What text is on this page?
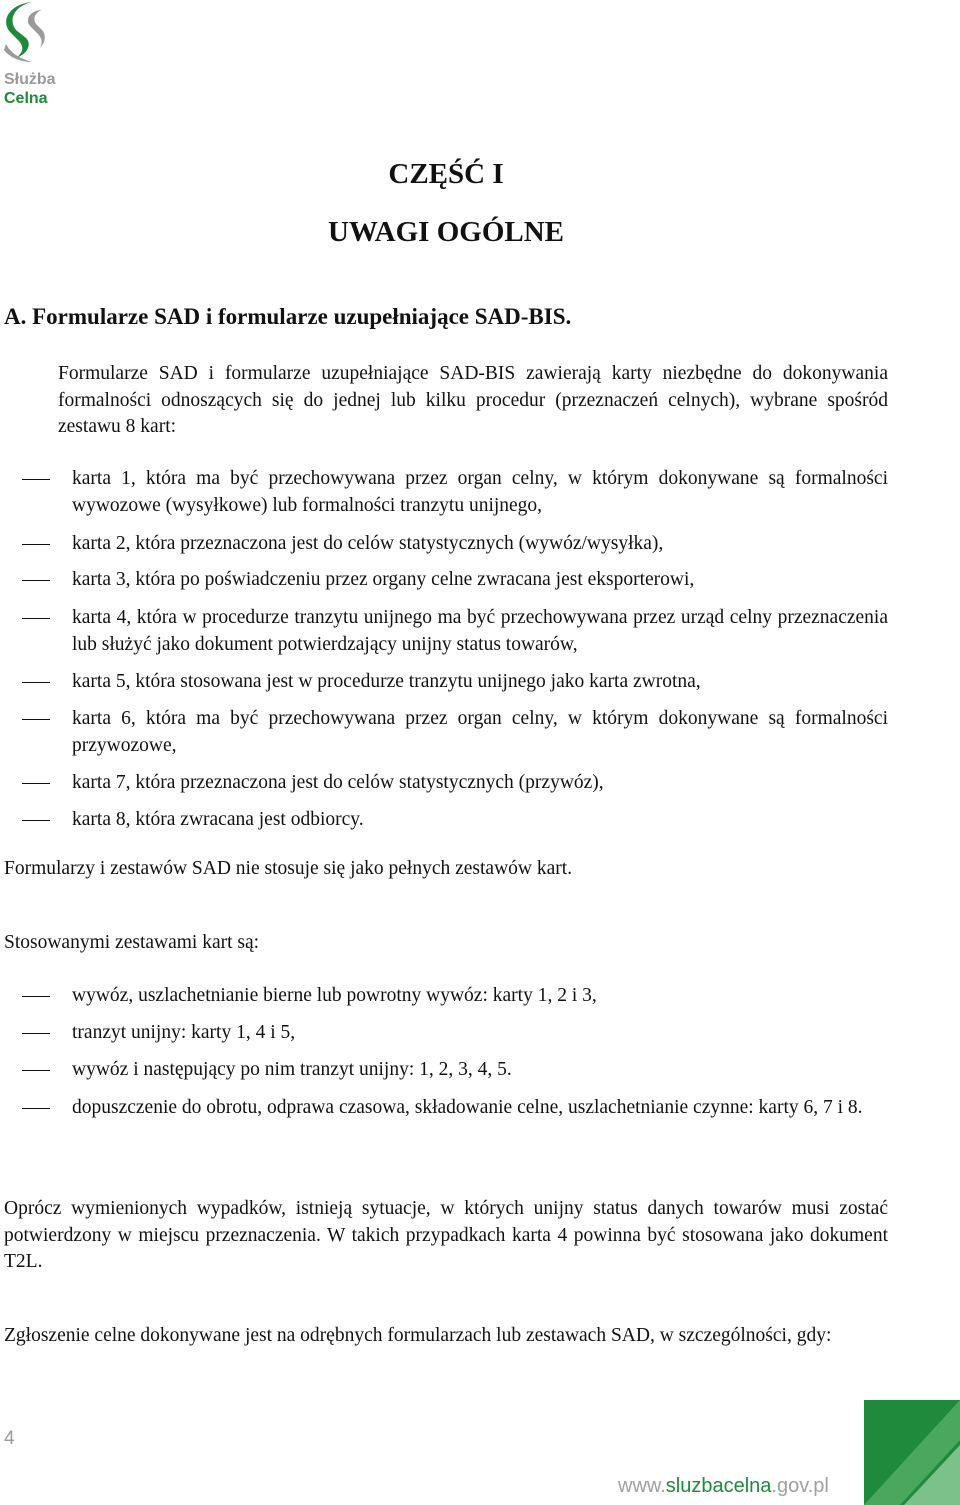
Służba
Celna
CZĘŚĆ I
UWAGI OGÓLNE
A. Formularze SAD i formularze uzupełniające SAD-BIS.

Formularze SAD i formularze uzupełniające SAD-BIS zawierają karty niezbędne do dokonywania formalności odnoszących się do jednej lub kilku procedur (przeznaczeń celnych), wybrane spośród zestawu 8 kart:

karta 1, która ma być przechowywana przez organ celny, w którym dokonywane są formalności wywozowe (wysyłkowe) lub formalności tranzytu unijnego,

karta 2, która przeznaczona jest do celów statystycznych (wywóz/wysyłka),

karta 3, która po poświadczeniu przez organy celne zwracana jest eksporterowi,

karta 4, która w procedurze tranzytu unijnego ma być przechowywana przez urząd celny przeznaczenia lub służyć jako dokument potwierdzający unijny status towarów,

karta 5, która stosowana jest w procedurze tranzytu unijnego jako karta zwrotna,

karta 6, która ma być przechowywana przez organ celny, w którym dokonywane są formalności przywozowe,

karta 7, która przeznaczona jest do celów statystycznych (przywóz),

karta 8, która zwracana jest odbiorcy.

Formularzy i zestawów SAD nie stosuje się jako pełnych zestawów kart.

Stosowanymi zestawami kart są:

wywóz, uszlachetnianie bierne lub powrotny wywóz: karty 1, 2 i 3,

tranzyt unijny: karty 1, 4 i 5,

wywóz i następujący po nim tranzyt unijny: 1, 2, 3, 4, 5.

dopuszczenie do obrotu, odprawa czasowa, składowanie celne, uszlachetnianie czynne: karty 6, 7 i 8.

Oprócz wymienionych wypadków, istnieją sytuacje, w których unijny status danych towarów musi zostać potwierdzony w miejscu przeznaczenia. W takich przypadkach karta 4 powinna być stosowana jako dokument T2L.

Zgłoszenie celne dokonywane jest na odrębnych formularzach lub zestawach SAD, w szczególności, gdy:

4
www.sluzbacelna.gov.pl
